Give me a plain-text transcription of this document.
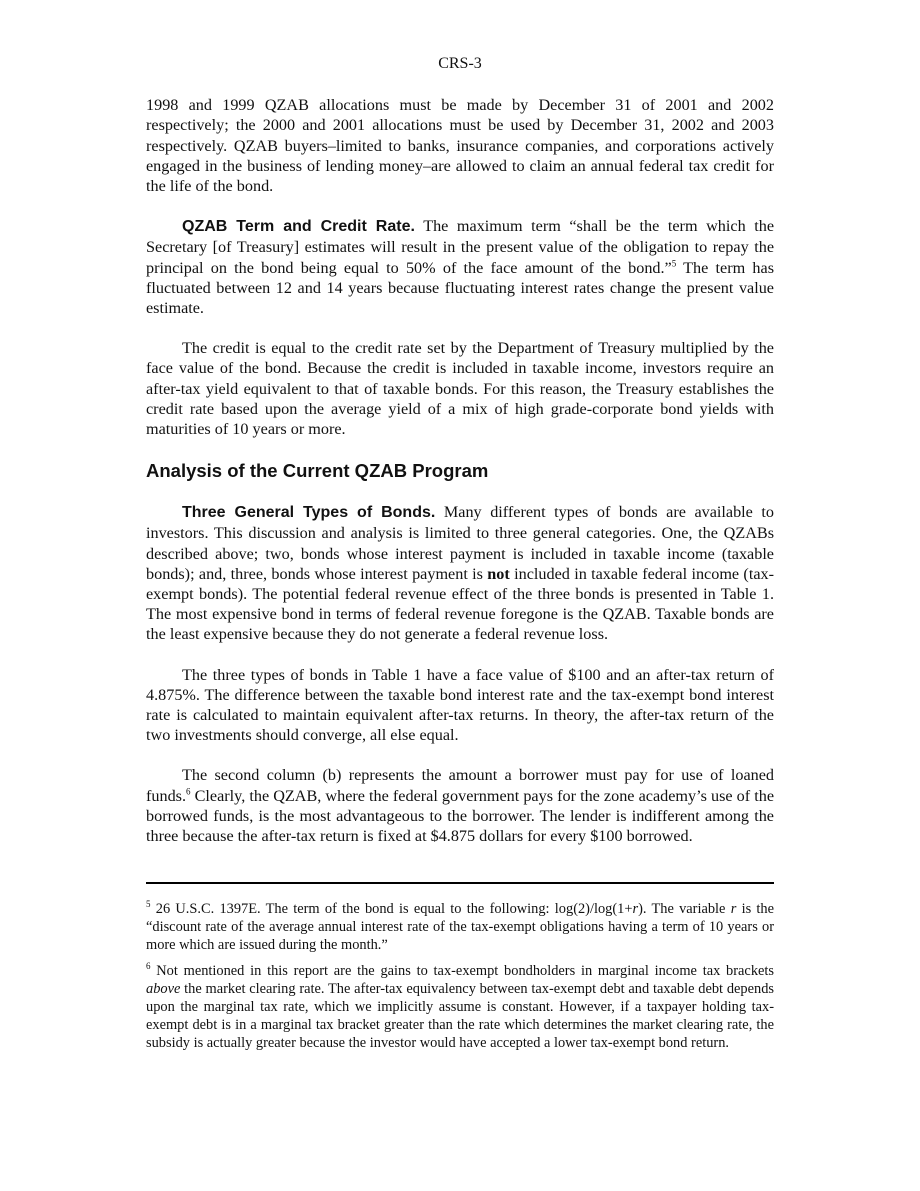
CRS-3

1998 and 1999 QZAB allocations must be made by December 31 of 2001 and 2002 respectively; the 2000 and 2001 allocations must be used by December 31, 2002 and 2003 respectively. QZAB buyers–limited to banks, insurance companies, and corporations actively engaged in the business of lending money–are allowed to claim an annual federal tax credit for the life of the bond.

QZAB Term and Credit Rate. The maximum term “shall be the term which the Secretary [of Treasury] estimates will result in the present value of the obligation to repay the principal on the bond being equal to 50% of the face amount of the bond.”$^5$ The term has fluctuated between 12 and 14 years because fluctuating interest rates change the present value estimate.

The credit is equal to the credit rate set by the Department of Treasury multiplied by the face value of the bond. Because the credit is included in taxable income, investors require an after-tax yield equivalent to that of taxable bonds. For this reason, the Treasury establishes the credit rate based upon the average yield of a mix of high grade-corporate bond yields with maturities of 10 years or more.

Analysis of the Current QZAB Program

Three General Types of Bonds. Many different types of bonds are available to investors. This discussion and analysis is limited to three general categories. One, the QZABs described above; two, bonds whose interest payment is included in taxable income (taxable bonds); and, three, bonds whose interest payment is not included in taxable federal income (tax-exempt bonds). The potential federal revenue effect of the three bonds is presented in Table 1. The most expensive bond in terms of federal revenue foregone is the QZAB. Taxable bonds are the least expensive because they do not generate a federal revenue loss.

The three types of bonds in Table 1 have a face value of $100 and an after-tax return of 4.875%. The difference between the taxable bond interest rate and the tax-exempt bond interest rate is calculated to maintain equivalent after-tax returns. In theory, the after-tax return of the two investments should converge, all else equal.

The second column (b) represents the amount a borrower must pay for use of loaned funds.$^6$ Clearly, the QZAB, where the federal government pays for the zone academy’s use of the borrowed funds, is the most advantageous to the borrower. The lender is indifferent among the three because the after-tax return is fixed at $4.875 dollars for every $100 borrowed.

$^5$ 26 U.S.C. 1397E. The term of the bond is equal to the following: log(2)/log(1+r). The variable r is the “discount rate of the average annual interest rate of the tax-exempt obligations having a term of 10 years or more which are issued during the month.”

$^6$ Not mentioned in this report are the gains to tax-exempt bondholders in marginal income tax brackets above the market clearing rate. The after-tax equivalency between tax-exempt debt and taxable debt depends upon the marginal tax rate, which we implicitly assume is constant. However, if a taxpayer holding tax-exempt debt is in a marginal tax bracket greater than the rate which determines the market clearing rate, the subsidy is actually greater because the investor would have accepted a lower tax-exempt bond return.
